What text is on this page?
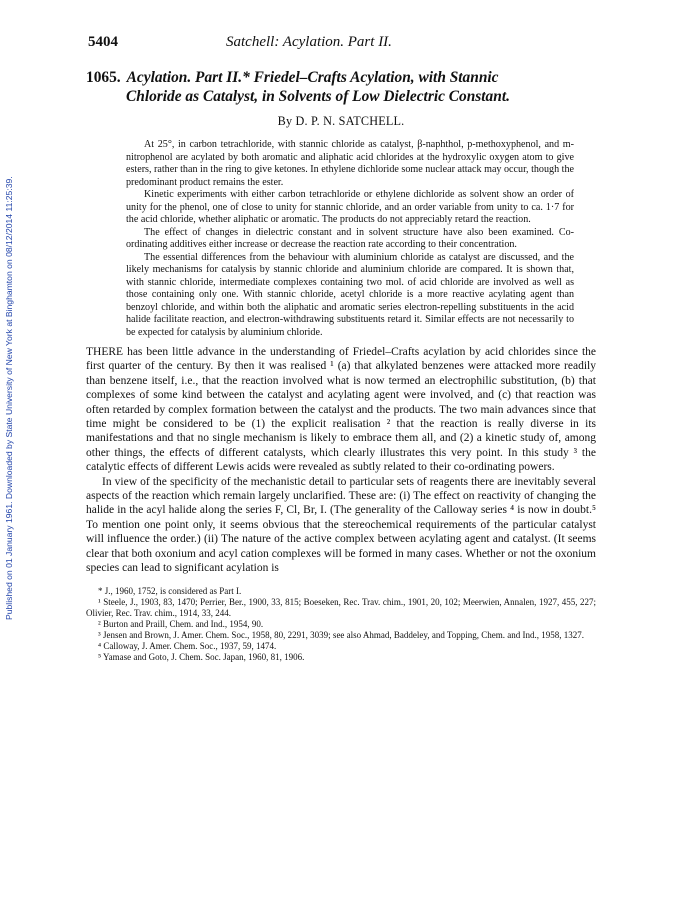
Published on 01 January 1961. Downloaded by State University of New York at Binghamton on 08/12/2014 11:25:39.
5404	Satchell: Acylation. Part II.
1065. Acylation. Part II.* Friedel–Crafts Acylation, with Stannic
Chloride as Catalyst, in Solvents of Low Dielectric Constant.
By D. P. N. SATCHELL.

At 25°, in carbon tetrachloride, with stannic chloride as catalyst, β-naphthol, p-methoxyphenol, and m-nitrophenol are acylated by both aromatic and aliphatic acid chlorides at the hydroxylic oxygen atom to give esters, rather than in the ring to give ketones. In ethylene dichloride some nuclear attack may occur, though the predominant product remains the ester.

Kinetic experiments with either carbon tetrachloride or ethylene dichloride as solvent show an order of unity for the phenol, one of close to unity for stannic chloride, and an order variable from unity to ca. 1·7 for the acid chloride, whether aliphatic or aromatic. The products do not appreciably retard the reaction.

The effect of changes in dielectric constant and in solvent structure have also been examined. Co-ordinating additives either increase or decrease the reaction rate according to their concentration.

The essential differences from the behaviour with aluminium chloride as catalyst are discussed, and the likely mechanisms for catalysis by stannic chloride and aluminium chloride are compared. It is shown that, with stannic chloride, intermediate complexes containing two mol. of acid chloride are involved as well as those containing only one. With stannic chloride, acetyl chloride is a more reactive acylating agent than benzoyl chloride, and within both the aliphatic and aromatic series electron-repelling substituents in the acid halide facilitate reaction, and electron-withdrawing substituents retard it. Similar effects are not necessarily to be expected for catalysis by aluminium chloride.

THERE has been little advance in the understanding of Friedel–Crafts acylation by acid chlorides since the first quarter of the century. By then it was realised ¹ (a) that alkylated benzenes were attacked more readily than benzene itself, i.e., that the reaction involved what is now termed an electrophilic substitution, (b) that complexes of some kind between the catalyst and acylating agent were involved, and (c) that reaction was often retarded by complex formation between the catalyst and the products. The two main advances since that time might be considered to be (1) the explicit realisation ² that the reaction is really diverse in its manifestations and that no single mechanism is likely to embrace them all, and (2) a kinetic study of, among other things, the effects of different catalysts, which clearly illustrates this very point. In this study ³ the catalytic effects of different Lewis acids were revealed as subtly related to their co-ordinating powers.

In view of the specificity of the mechanistic detail to particular sets of reagents there are inevitably several aspects of the reaction which remain largely unclarified. These are: (i) The effect on reactivity of changing the halide in the acyl halide along the series F, Cl, Br, I. (The generality of the Calloway series ⁴ is now in doubt.⁵ To mention one point only, it seems obvious that the stereochemical requirements of the particular catalyst will influence the order.) (ii) The nature of the active complex between acylating agent and catalyst. (It seems clear that both oxonium and acyl cation complexes will be formed in many cases. Whether or not the oxonium species can lead to significant acylation is

* J., 1960, 1752, is considered as Part I.

¹ Steele, J., 1903, 83, 1470; Perrier, Ber., 1900, 33, 815; Boeseken, Rec. Trav. chim., 1901, 20, 102; Meerwien, Annalen, 1927, 455, 227; Olivier, Rec. Trav. chim., 1914, 33, 244.

² Burton and Praill, Chem. and Ind., 1954, 90.

³ Jensen and Brown, J. Amer. Chem. Soc., 1958, 80, 2291, 3039; see also Ahmad, Baddeley, and Topping, Chem. and Ind., 1958, 1327.

⁴ Calloway, J. Amer. Chem. Soc., 1937, 59, 1474.

⁵ Yamase and Goto, J. Chem. Soc. Japan, 1960, 81, 1906.
